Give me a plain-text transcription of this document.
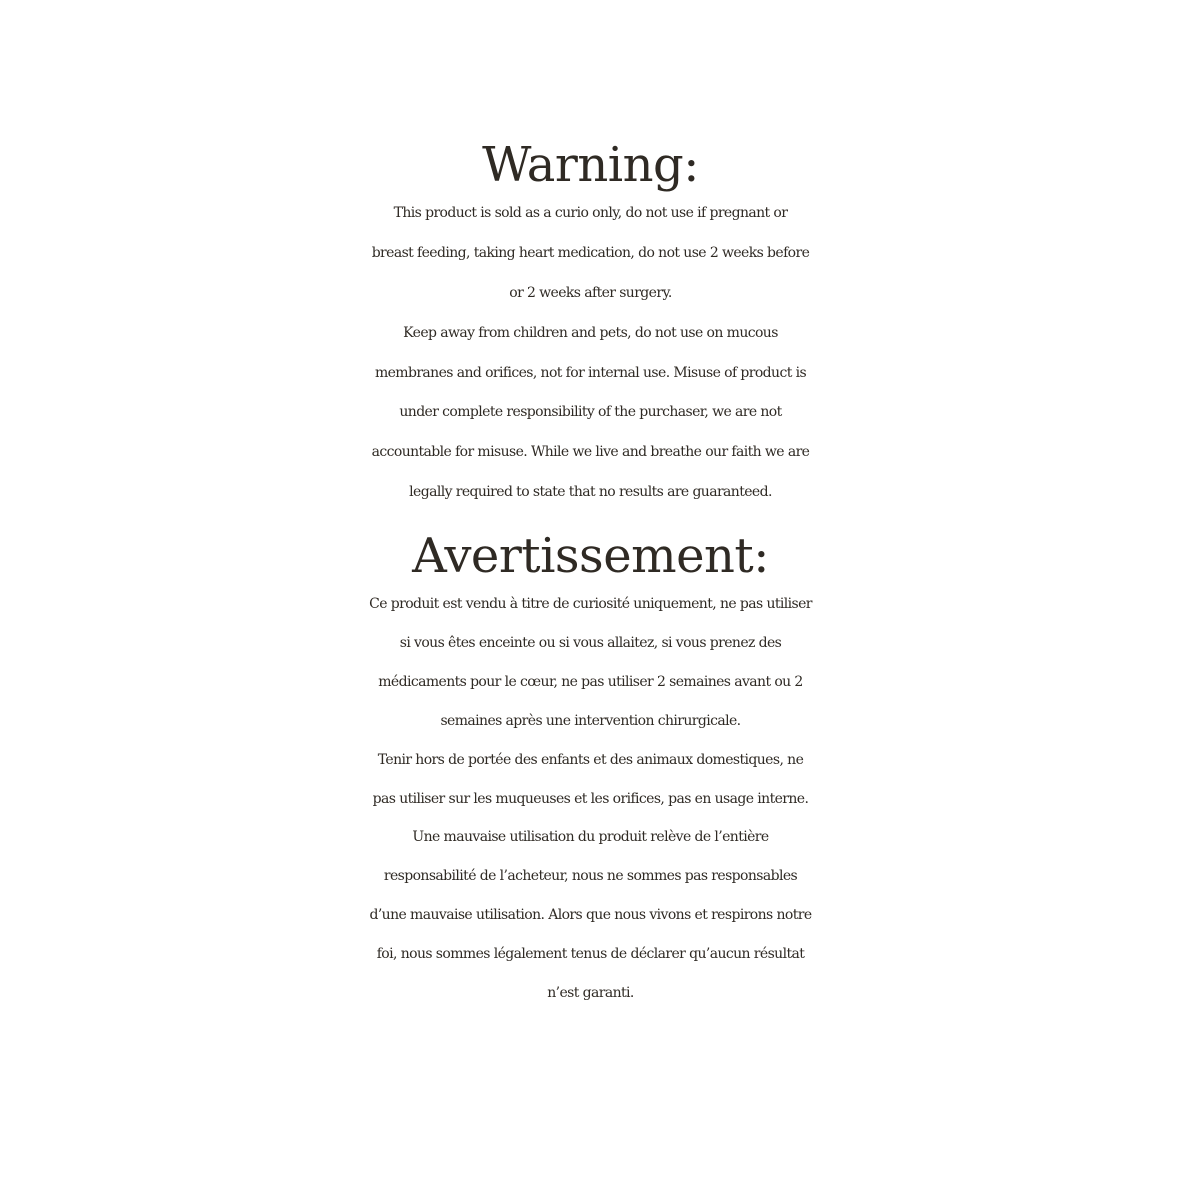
Warning:
This product is sold as a curio only, do not use if pregnant or
breast feeding, taking heart medication, do not use 2 weeks before
or 2 weeks after surgery.
Keep away from children and pets, do not use on mucous
membranes and orifices, not for internal use. Misuse of product is
under complete responsibility of the purchaser, we are not
accountable for misuse. While we live and breathe our faith we are
legally required to state that no results are guaranteed.
Avertissement:
Ce produit est vendu à titre de curiosité uniquement, ne pas utiliser
si vous êtes enceinte ou si vous allaitez, si vous prenez des
médicaments pour le cœur, ne pas utiliser 2 semaines avant ou 2
semaines après une intervention chirurgicale.
Tenir hors de portée des enfants et des animaux domestiques, ne
pas utiliser sur les muqueuses et les orifices, pas en usage interne.
Une mauvaise utilisation du produit relève de l’entière
responsabilité de l’acheteur, nous ne sommes pas responsables
d’une mauvaise utilisation. Alors que nous vivons et respirons notre
foi, nous sommes légalement tenus de déclarer qu’aucun résultat
n’est garanti.
